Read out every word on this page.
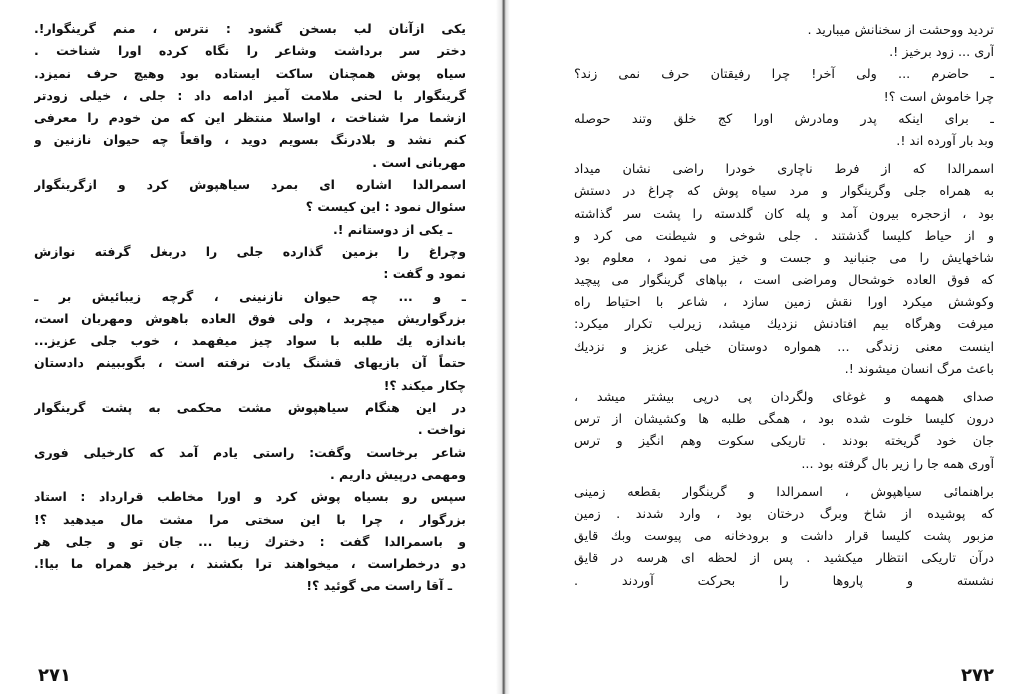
یکی ازآنان لب بسخن گشود : نترس ، منم گرینگوار!.
دختر سر برداشت وشاعر را نگاه کرده اورا شناخت .
سیاه پوش همچنان ساکت ایستاده بود وهیچ حرف نمیزد.
گرینگوار با لحنی ملامت آمیز ادامه داد : جلی ، خیلی زودتر
ازشما مرا شناخت ، اواسلا منتظر این که من خودم را معرفی
کنم نشد و بلادرنگ بسویم دوید ، واقعاً چه حیوان نازنین و
مهربانی است .
اسمرالدا اشاره ای بمرد سیاهپوش کرد و ازگرینگوار
سئوال نمود : این کیست ؟
ـ یکی از دوستانم !.
وچراغ را بزمین گذارده جلی را دربغل گرفته نوازش
نمود و گفت :
ـ و ... چه حیوان نازنینی ، گرچه زیبائیش بر ـ
بزرگواریش میچربد ، ولی فوق العاده باهوش ومهربان است،
باندازه یك طلبه با سواد چیز میفهمد ، خوب جلی عزیز...
حتماً آن بازیهای قشنگ یادت نرفته است ، بگوببینم دادستان
چکار میکند ؟!
در این هنگام سیاهپوش مشت محکمی به پشت گرینگوار
نواخت .
شاعر برخاست وگفت: راستی یادم آمد که کارخیلی فوری
ومهمی درپیش داریم .
سپس رو بسیاه پوش کرد و اورا مخاطب قرارداد : استاد
بزرگوار ، چرا با این سختی مرا مشت مال میدهید ؟!
و باسمرالدا گفت : دخترك زیبا ... جان تو و جلی هر
دو درخطراست ، میخواهند ترا بکشند ، برخیز همراه ما بیا!.
ـ آقا راست می گوئید ؟!
۲۷۱
تردید ووحشت از سخنانش میبارید .
آری ... زود برخیز !.
ـ حاضرم ... ولی آخر! چرا رفیقتان حرف نمی زند؟
چرا خاموش است ؟!
ـ برای اینکه پدر ومادرش اورا کج خلق وتند حوصله
وبد بار آورده اند !.
اسمرالدا که از فرط ناچاری خودرا راضی نشان میداد
به همراه جلی وگرینگوار و مرد سیاه پوش که چراغ در دستش
بود ، ازحجره بیرون آمد و پله کان گلدسته را پشت سر گذاشته
و از حیاط کلیسا گذشتند . جلی شوخی و شیطنت می کرد و
شاخهایش را می جنبانید و جست و خیز می نمود ، معلوم بود
که فوق العاده خوشحال ومراضی است ، بپاهای گرینگوار می پیچید
وکوشش میکرد اورا نقش زمین سازد ، شاعر با احتیاط راه
میرفت وهرگاه بیم افتادنش نزدیك میشد، زیرلب تکرار میکرد:
اینست معنی زندگی ... همواره دوستان خیلی عزیز و نزدیك
باعث مرگ انسان میشوند !.
صدای همهمه و غوغای ولگردان پی درپی بیشتر میشد ،
درون کلیسا خلوت شده بود ، همگی طلبه ها وکشیشان از ترس
جان خود گریخته بودند . تاریکی سکوت وهم انگیز و ترس
آوری همه جا را زیر بال گرفته بود ...
براهنمائی سیاهپوش ، اسمرالدا و گرینگوار بقطعه زمینی
که پوشیده از شاخ وبرگ درختان بود ، وارد شدند . زمین
مزبور پشت کلیسا قرار داشت و برودخانه می پیوست وبك قایق
درآن تاریکی انتظار میکشید . پس از لحظه ای هرسه در قایق
نشسته و پاروها را بحرکت آوردند .
۲۷۲
